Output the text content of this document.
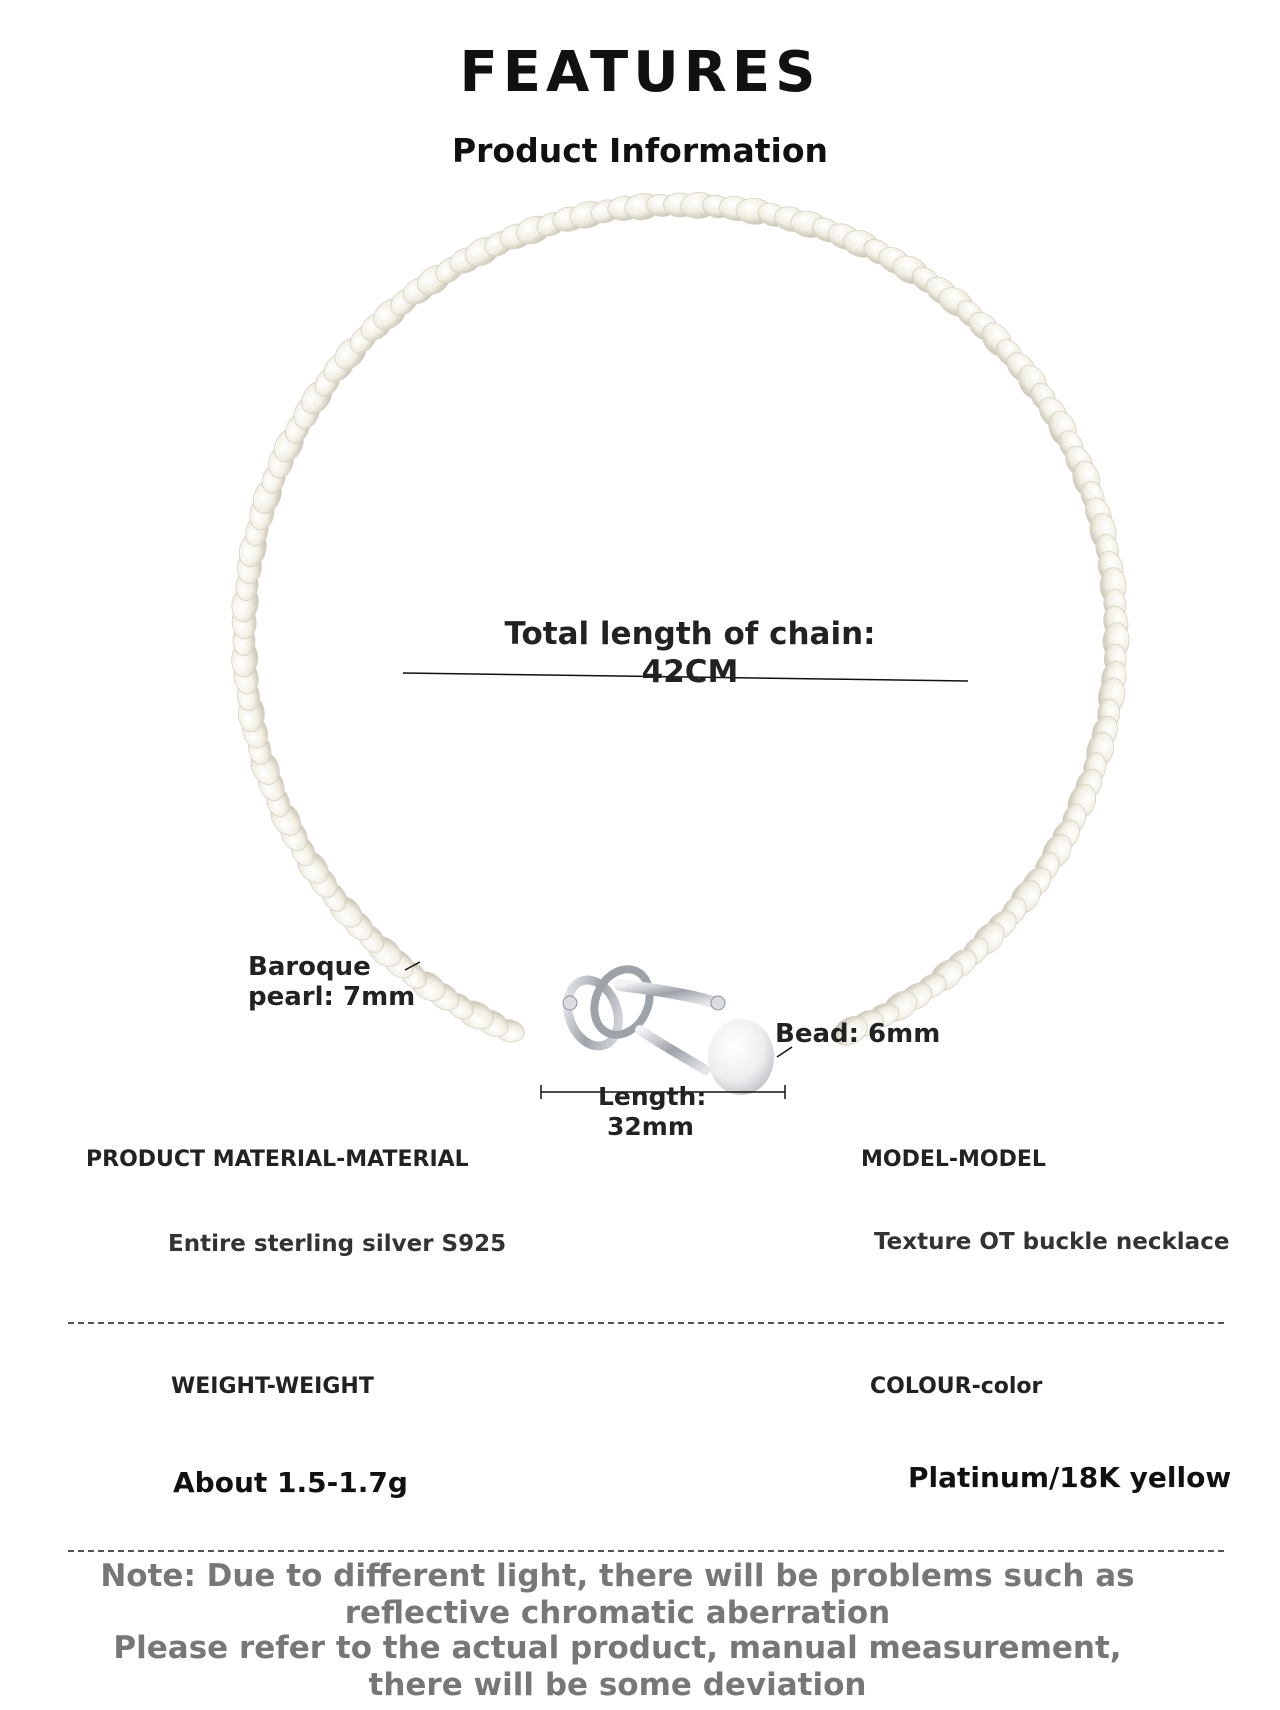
FEATURES
Product Information
Total length of chain:
42CM
Baroque pearl: 7mm
Bead: 6mm
Length:
32mm
PRODUCT MATERIAL-MATERIAL	MODEL-MODEL
Entire sterling silver S925	Texture OT buckle necklace
WEIGHT-WEIGHT	COLOUR-color
About 1.5-1.7g	Platinum/18K yellow
Note: Due to different light, there will be problems such as
reflective chromatic aberration
Please refer to the actual product, manual measurement,
there will be some deviation
